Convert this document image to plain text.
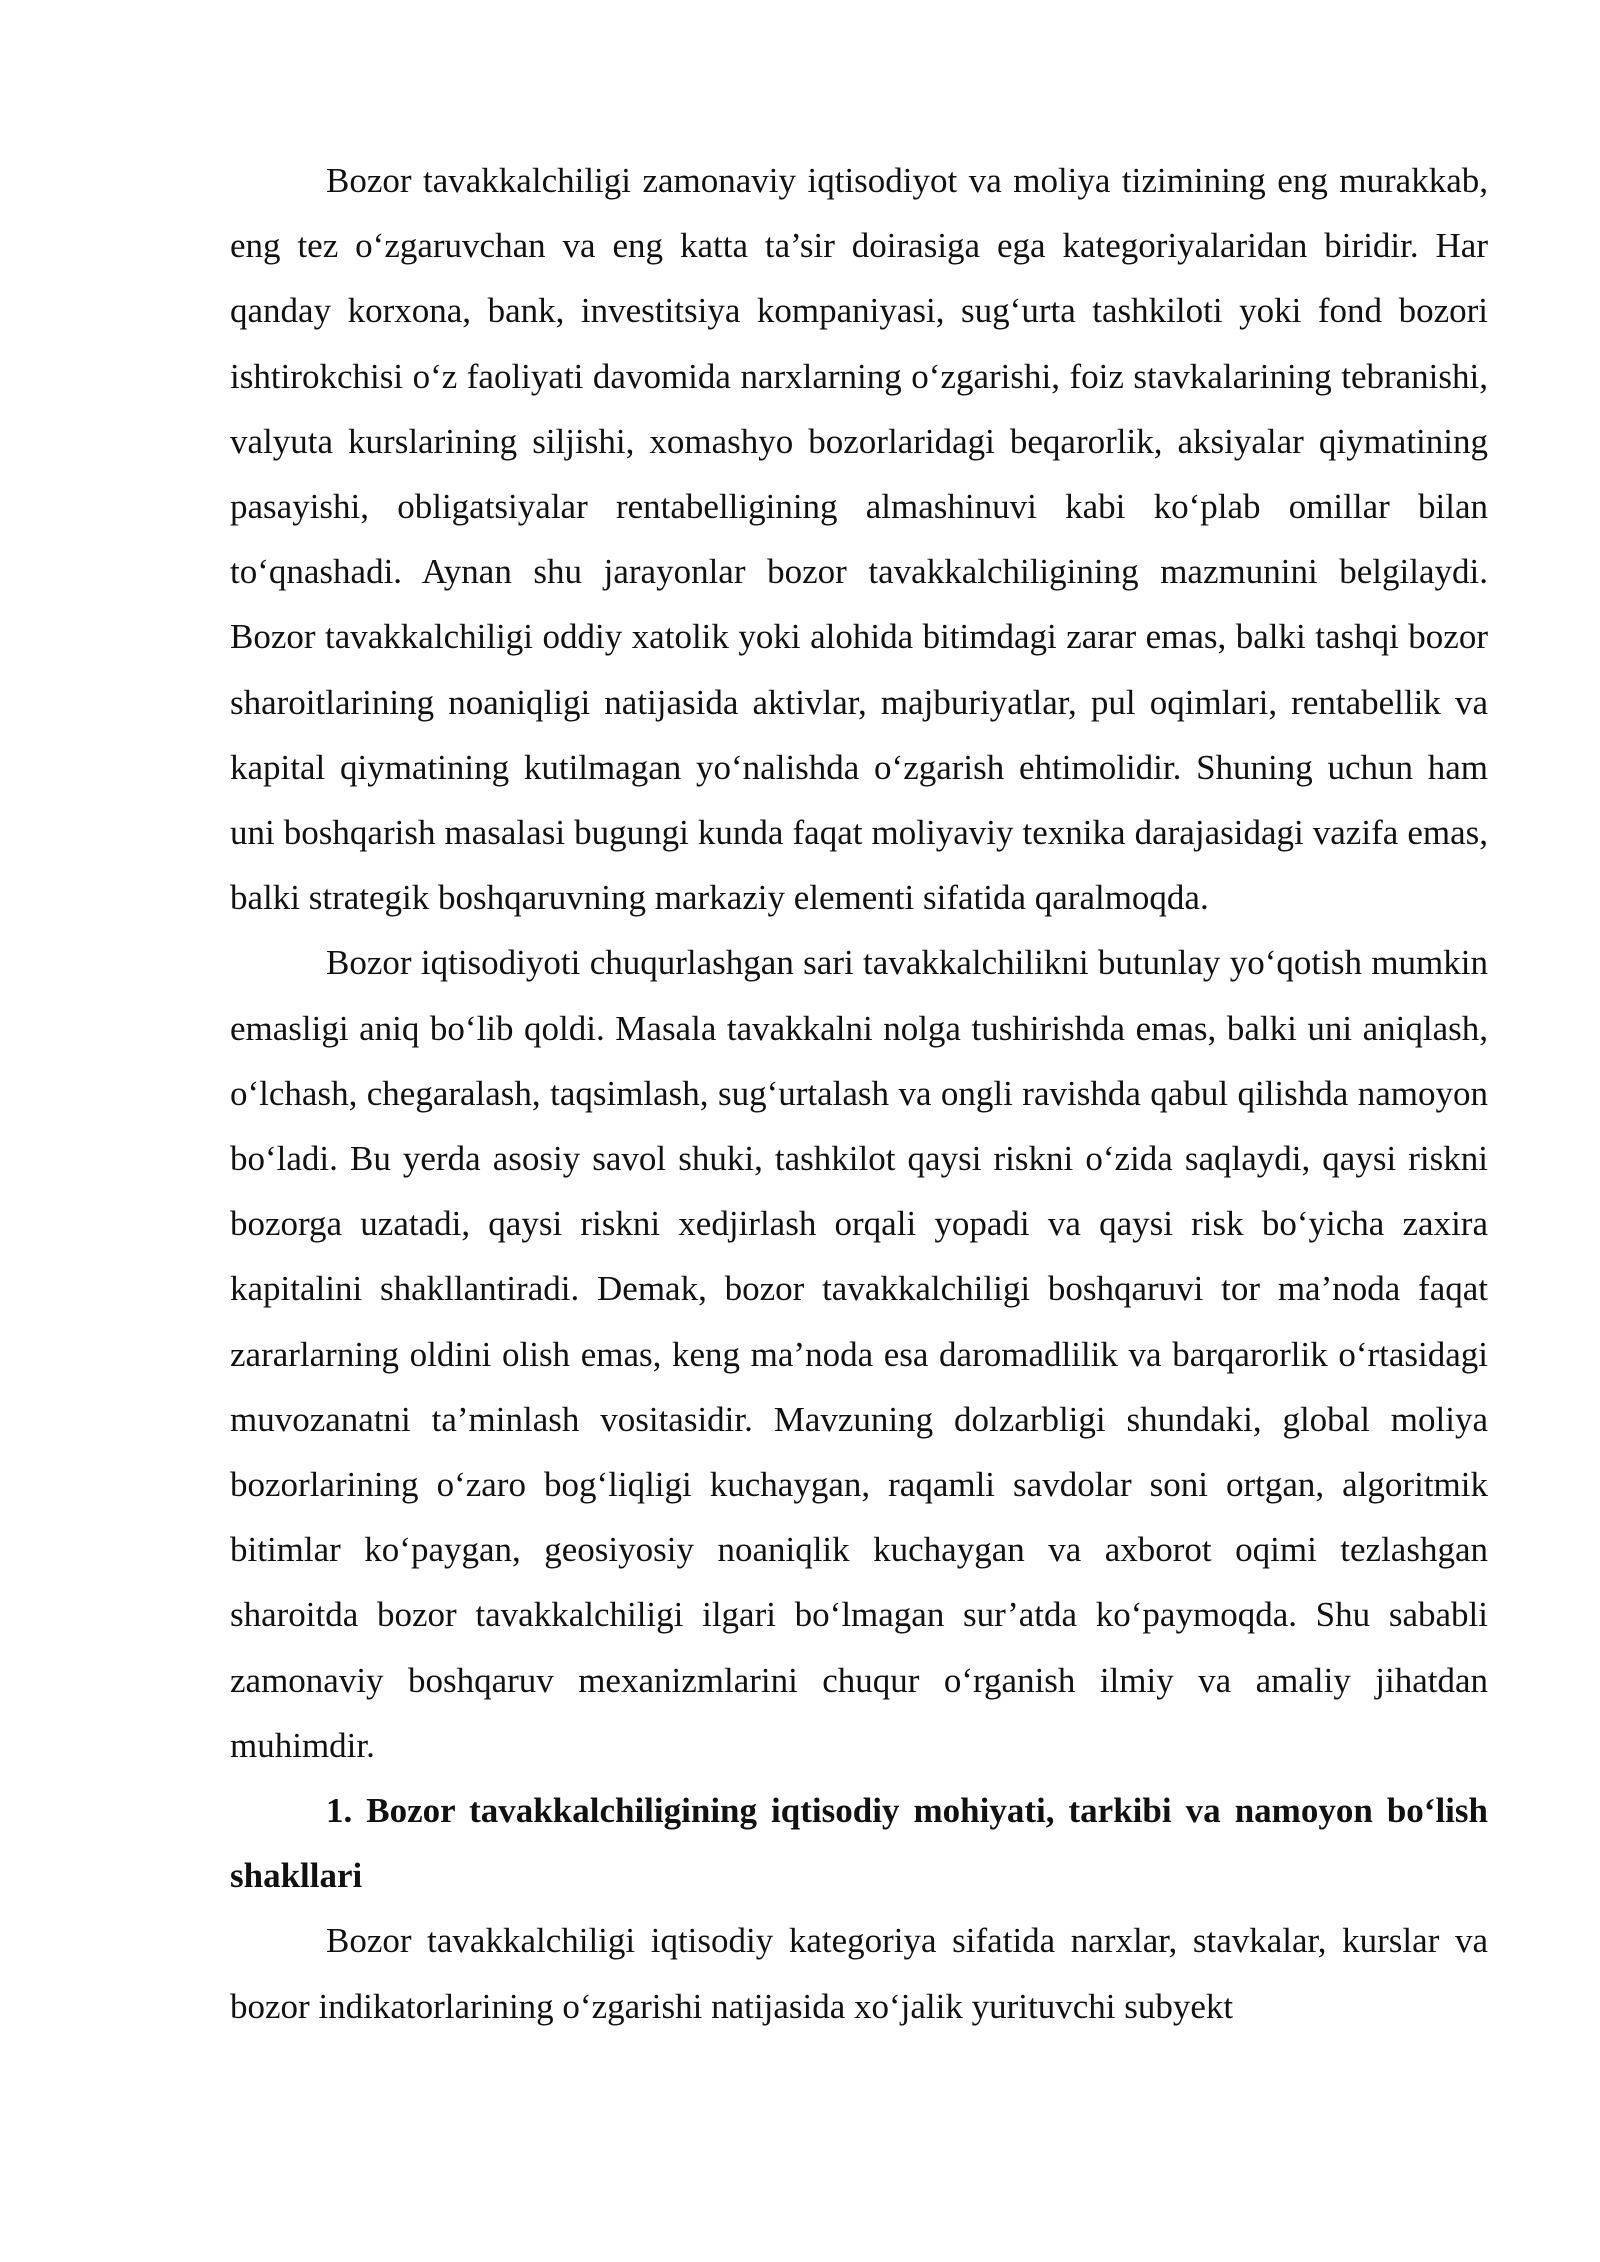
Bozor tavakkalchiligi zamonaviy iqtisodiyot va moliya tizimining eng murakkab, eng tez o‘zgaruvchan va eng katta ta’sir doirasiga ega kategoriyalaridan biridir. Har qanday korxona, bank, investitsiya kompaniyasi, sug‘urta tashkiloti yoki fond bozori ishtirokchisi o‘z faoliyati davomida narxlarning o‘zgarishi, foiz stavkalarining tebranishi, valyuta kurslarining siljishi, xomashyo bozorlaridagi beqarorlik, aksiyalar qiymatining pasayishi, obligatsiyalar rentabelligining almashinuvi kabi ko‘plab omillar bilan to‘qnashadi. Aynan shu jarayonlar bozor tavakkalchiligining mazmunini belgilaydi. Bozor tavakkalchiligi oddiy xatolik yoki alohida bitimdagi zarar emas, balki tashqi bozor sharoitlarining noaniqligi natijasida aktivlar, majburiyatlar, pul oqimlari, rentabellik va kapital qiymatining kutilmagan yo‘nalishda o‘zgarish ehtimolidir. Shuning uchun ham uni boshqarish masalasi bugungi kunda faqat moliyaviy texnika darajasidagi vazifa emas, balki strategik boshqaruvning markaziy elementi sifatida qaralmoqda.

Bozor iqtisodiyoti chuqurlashgan sari tavakkalchilikni butunlay yo‘qotish mumkin emasligi aniq bo‘lib qoldi. Masala tavakkalni nolga tushirishda emas, balki uni aniqlash, o‘lchash, chegaralash, taqsimlash, sug‘urtalash va ongli ravishda qabul qilishda namoyon bo‘ladi. Bu yerda asosiy savol shuki, tashkilot qaysi riskni o‘zida saqlaydi, qaysi riskni bozorga uzatadi, qaysi riskni xedjirlash orqali yopadi va qaysi risk bo‘yicha zaxira kapitalini shakllantiradi. Demak, bozor tavakkalchiligi boshqaruvi tor ma’noda faqat zararlarning oldini olish emas, keng ma’noda esa daromadlilik va barqarorlik o‘rtasidagi muvozanatni ta’minlash vositasidir. Mavzuning dolzarbligi shundaki, global moliya bozorlarining o‘zaro bog‘liqligi kuchaygan, raqamli savdolar soni ortgan, algoritmik bitimlar ko‘paygan, geosiyosiy noaniqlik kuchaygan va axborot oqimi tezlashgan sharoitda bozor tavakkalchiligi ilgari bo‘lmagan sur’atda ko‘paymoqda. Shu sababli zamonaviy boshqaruv mexanizmlarini chuqur o‘rganish ilmiy va amaliy jihatdan muhimdir.

1. Bozor tavakkalchiligining iqtisodiy mohiyati, tarkibi va namoyon bo‘lish shakllari

Bozor tavakkalchiligi iqtisodiy kategoriya sifatida narxlar, stavkalar, kurslar va bozor indikatorlarining o‘zgarishi natijasida xo‘jalik yurituvchi subyekt
